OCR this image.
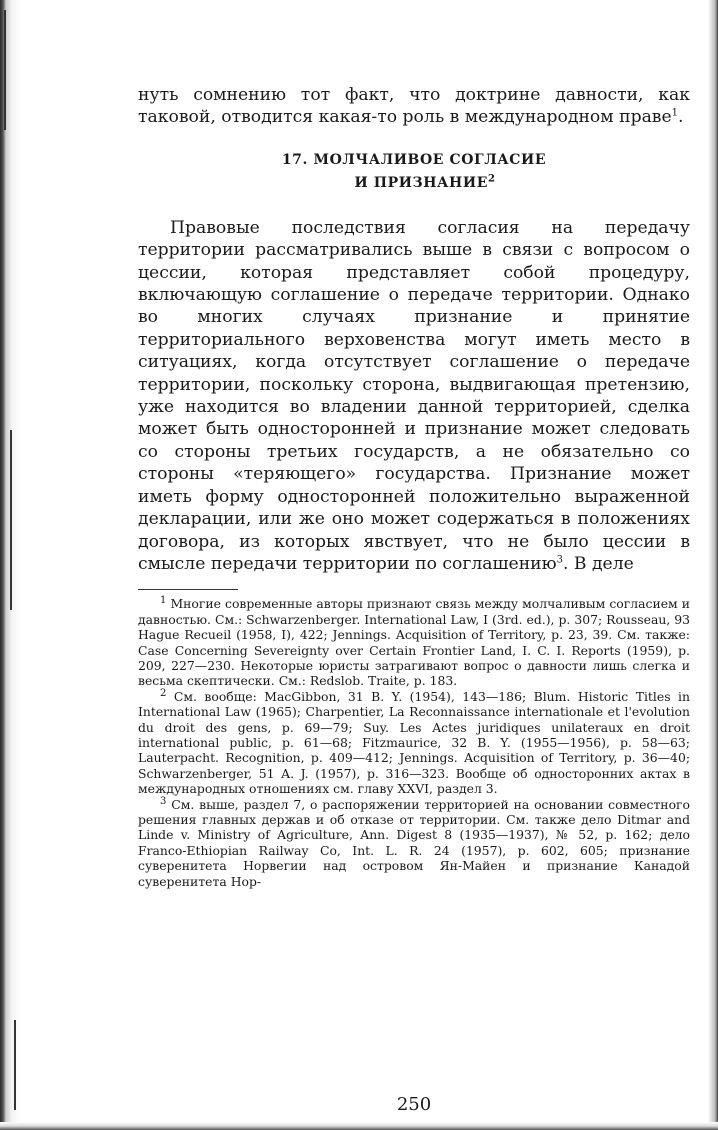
нуть сомнению тот факт, что доктрине давности, как таковой, отводится какая-то роль в международном праве$^1$.

17. МОЛЧАЛИВОЕ СОГЛАСИЕ
И ПРИЗНАНИЕ$^2$

Правовые последствия согласия на передачу территории рассматривались выше в связи с вопросом о цессии, которая представляет собой процедуру, включающую соглашение о передаче территории. Однако во многих случаях признание и принятие территориального верховенства могут иметь место в ситуациях, когда отсутствует соглашение о передаче территории, поскольку сторона, выдвигающая претензию, уже находится во владении данной территорией, сделка может быть односторонней и признание может следовать со стороны третьих государств, а не обязательно со стороны «теряющего» государства. Признание может иметь форму односторонней положительно выраженной декларации, или же оно может содержаться в положениях договора, из которых явствует, что не было цессии в смысле передачи территории по соглашению$^3$. В деле

$^1$ Многие современные авторы признают связь между молчаливым согласием и давностью. См.: Schwarzenberger. International Law, I (3rd. ed.), p. 307; Rousseau, 93 Hague Recueil (1958, I), 422; Jennings. Acquisition of Territory, p. 23, 39. См. также: Case Concerning Severeignty over Certain Frontier Land, I. C. I. Reports (1959), p. 209, 227—230. Некоторые юристы затрагивают вопрос о давности лишь слегка и весьма скептически. См.: Redslob. Traite, p. 183.

$^2$ См. вообще: MacGibbon, 31 B. Y. (1954), 143—186; Blum. Historic Titles in International Law (1965); Charpentier, La Reconnaissance internationale et l'evolution du droit des gens, p. 69—79; Suy. Les Actes juridiques unilateraux en droit international public, p. 61—68; Fitzmaurice, 32 B. Y. (1955—1956), p. 58—63; Lauterpacht. Recognition, p. 409—412; Jennings. Acquisition of Territory, p. 36—40; Schwarzenberger, 51 A. J. (1957), p. 316—323. Вообще об односторонних актах в международных отношениях см. главу XXVI, раздел 3.

$^3$ См. выше, раздел 7, о распоряжении территорией на основании совместного решения главных держав и об отказе от территории. См. также дело Ditmar and Linde v. Ministry of Agriculture, Ann. Digest 8 (1935—1937), № 52, p. 162; дело Franco-Ethiopian Railway Co, Int. L. R. 24 (1957), p. 602, 605; признание суверенитета Норвегии над островом Ян-Майен и признание Канадой суверенитета Нор-

250
